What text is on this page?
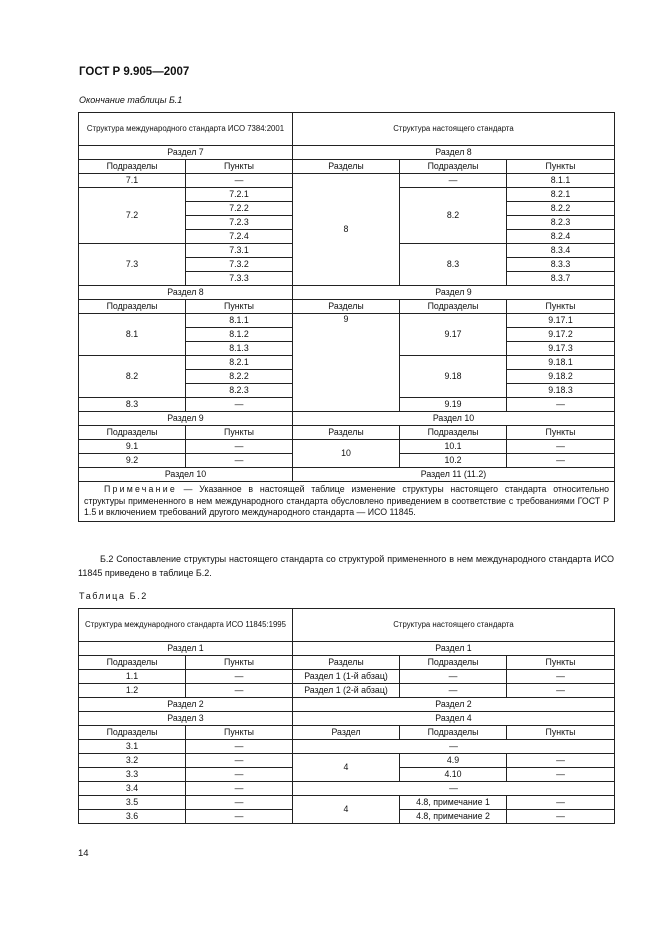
ГОСТ Р 9.905—2007
Окончание таблицы Б.1
Структура международного стандарта ИСО 7384:2001		Структура настоящего стандарта		
Раздел 7		Раздел 8		
Подразделы	Пункты	Разделы	Подразделы	Пункты
7.1	—	8	—	8.1.1
7.2	7.2.1		8.2	8.2.1
	7.2.2			8.2.2
	7.2.3			8.2.3
	7.2.4			8.2.4
7.3	7.3.1		8.3	8.3.4
	7.3.2			8.3.3
	7.3.3			8.3.7
Раздел 8		Раздел 9		
Подразделы	Пункты	Разделы	Подразделы	Пункты
8.1	8.1.1	9	9.17	9.17.1
	8.1.2			9.17.2
	8.1.3			9.17.3
8.2	8.2.1		9.18	9.18.1
	8.2.2			9.18.2
	8.2.3			9.18.3
8.3	—		9.19	—
Раздел 9		Раздел 10		
Подразделы	Пункты	Разделы	Подразделы	Пункты
9.1	—	10	10.1	—
9.2	—		10.2	—
Раздел 10		Раздел 11 (11.2)		
Примечание — Указанное в настоящей таблице изменение структуры настоящего стандарта относительно структуры примененного в нем международного стандарта обусловлено приведением в соответствие с требованиями ГОСТ Р 1.5 и включением требований другого международного стандарта — ИСО 11845.				
Б.2 Сопоставление структуры настоящего стандарта со структурой примененного в нем международного стандарта ИСО 11845 приведено в таблице Б.2.
Таблица Б.2
Структура международного стандарта ИСО 11845:1995		Структура настоящего стандарта		
Раздел 1		Раздел 1		
Подразделы	Пункты	Разделы	Подразделы	Пункты
1.1	—	Раздел 1 (1-й абзац)	—	—
1.2	—	Раздел 1 (2-й абзац)	—	—
Раздел 2		Раздел 2		
Раздел 3		Раздел 4		
Подразделы	Пункты	Раздел	Подразделы	Пункты
3.1	—	—		
3.2	—	4	4.9	—
3.3	—		4.10	—
3.4	—	—		
3.5	—	4	4.8, примечание 1	—
3.6	—		4.8, примечание 2	—
14
